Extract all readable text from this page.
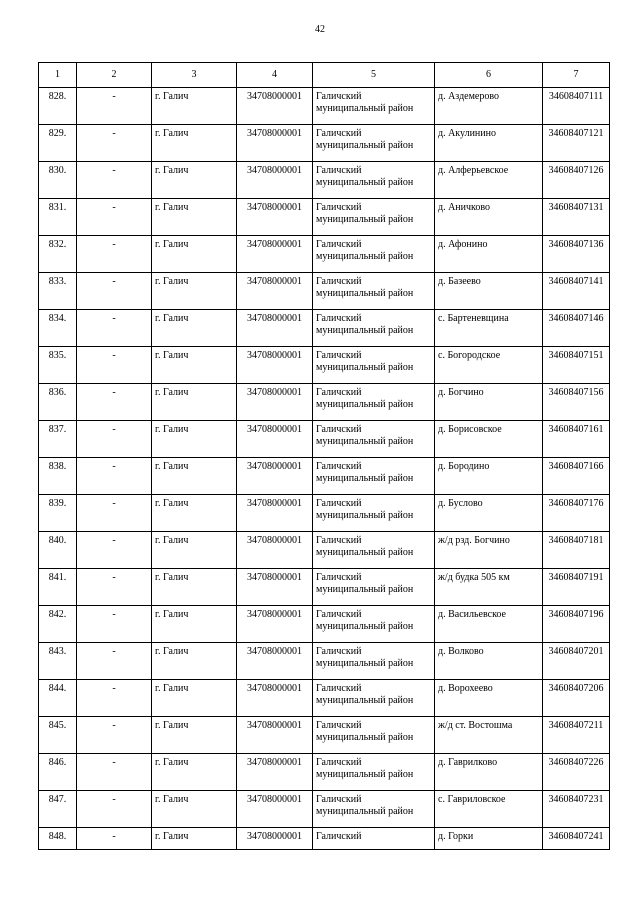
42
1	2	3	4	5	6	7
828.	-	г. Галич	34708000001	Галичский муниципальный район	д. Аздемерово	34608407111
829.	-	г. Галич	34708000001	Галичский муниципальный район	д. Акулинино	34608407121
830.	-	г. Галич	34708000001	Галичский муниципальный район	д. Алферьевское	34608407126
831.	-	г. Галич	34708000001	Галичский муниципальный район	д. Аничково	34608407131
832.	-	г. Галич	34708000001	Галичский муниципальный район	д. Афонино	34608407136
833.	-	г. Галич	34708000001	Галичский муниципальный район	д. Базеево	34608407141
834.	-	г. Галич	34708000001	Галичский муниципальный район	с. Бартеневщина	34608407146
835.	-	г. Галич	34708000001	Галичский муниципальный район	с. Богородское	34608407151
836.	-	г. Галич	34708000001	Галичский муниципальный район	д. Богчино	34608407156
837.	-	г. Галич	34708000001	Галичский муниципальный район	д. Борисовское	34608407161
838.	-	г. Галич	34708000001	Галичский муниципальный район	д. Бородино	34608407166
839.	-	г. Галич	34708000001	Галичский муниципальный район	д. Буслово	34608407176
840.	-	г. Галич	34708000001	Галичский муниципальный район	ж/д рзд. Богчино	34608407181
841.	-	г. Галич	34708000001	Галичский муниципальный район	ж/д будка 505 км	34608407191
842.	-	г. Галич	34708000001	Галичский муниципальный район	д. Васильевское	34608407196
843.	-	г. Галич	34708000001	Галичский муниципальный район	д. Волково	34608407201
844.	-	г. Галич	34708000001	Галичский муниципальный район	д. Ворохеево	34608407206
845.	-	г. Галич	34708000001	Галичский муниципальный район	ж/д ст. Востошма	34608407211
846.	-	г. Галич	34708000001	Галичский муниципальный район	д. Гаврилково	34608407226
847.	-	г. Галич	34708000001	Галичский муниципальный район	с. Гавриловское	34608407231
848.	-	г. Галич	34708000001	Галичский	д. Горки	34608407241
